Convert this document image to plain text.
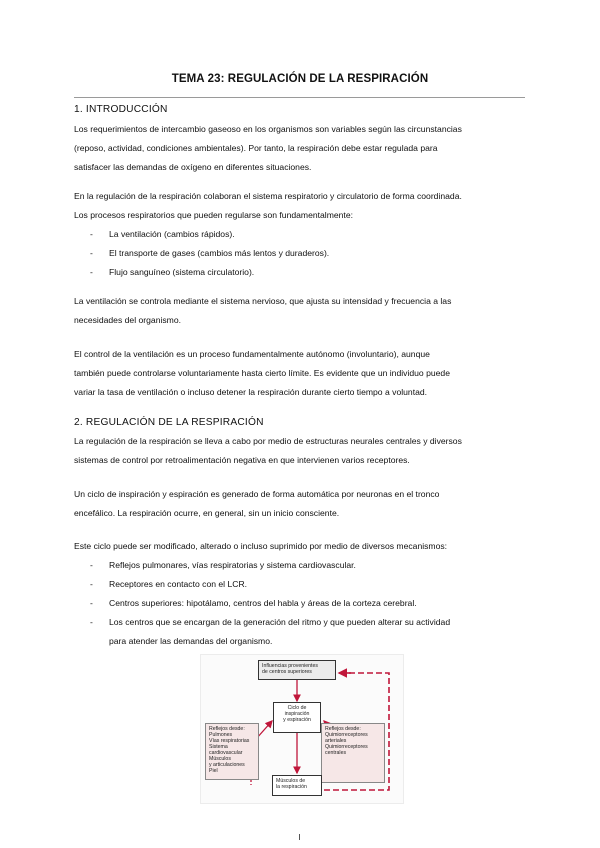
TEMA 23: REGULACIÓN DE LA RESPIRACIÓN
1. INTRODUCCIÓN
Los requerimientos de intercambio gaseoso en los organismos son variables según las circunstancias
(reposo, actividad, condiciones ambientales). Por tanto, la respiración debe estar regulada para
satisfacer las demandas de oxígeno en diferentes situaciones.
En la regulación de la respiración colaboran el sistema respiratorio y circulatorio de forma coordinada.
Los procesos respiratorios que pueden regularse son fundamentalmente:
- La ventilación (cambios rápidos).
- El transporte de gases (cambios más lentos y duraderos).
- Flujo sanguíneo (sistema circulatorio).
La ventilación se controla mediante el sistema nervioso, que ajusta su intensidad y frecuencia a las
necesidades del organismo.
El control de la ventilación es un proceso fundamentalmente autónomo (involuntario), aunque
también puede controlarse voluntariamente hasta cierto límite. Es evidente que un individuo puede
variar la tasa de ventilación o incluso detener la respiración durante cierto tiempo a voluntad.
2. REGULACIÓN DE LA RESPIRACIÓN
La regulación de la respiración se lleva a cabo por medio de estructuras neurales centrales y diversos
sistemas de control por retroalimentación negativa en que intervienen varios receptores.
Un ciclo de inspiración y espiración es generado de forma automática por neuronas en el tronco
encefálico. La respiración ocurre, en general, sin un inicio consciente.
Este ciclo puede ser modificado, alterado o incluso suprimido por medio de diversos mecanismos:
- Reflejos pulmonares, vías respiratorias y sistema cardiovascular.
- Receptores en contacto con el LCR.
- Centros superiores: hipotálamo, centros del habla y áreas de la corteza cerebral.
- Los centros que se encargan de la generación del ritmo y que pueden alterar su actividad
para atender las demandas del organismo.
Influencias provenientes
de centros superiores
Ciclo de
inspiración
y espiración
Reflejos desde:
Pulmones
Vías respiratorias
Sistema
cardiovascular
Músculos
y articulaciones
Piel
Reflejos desde:
Quimiorreceptores
arteriales
Quimiorreceptores
centrales
Músculos de
la respiración
